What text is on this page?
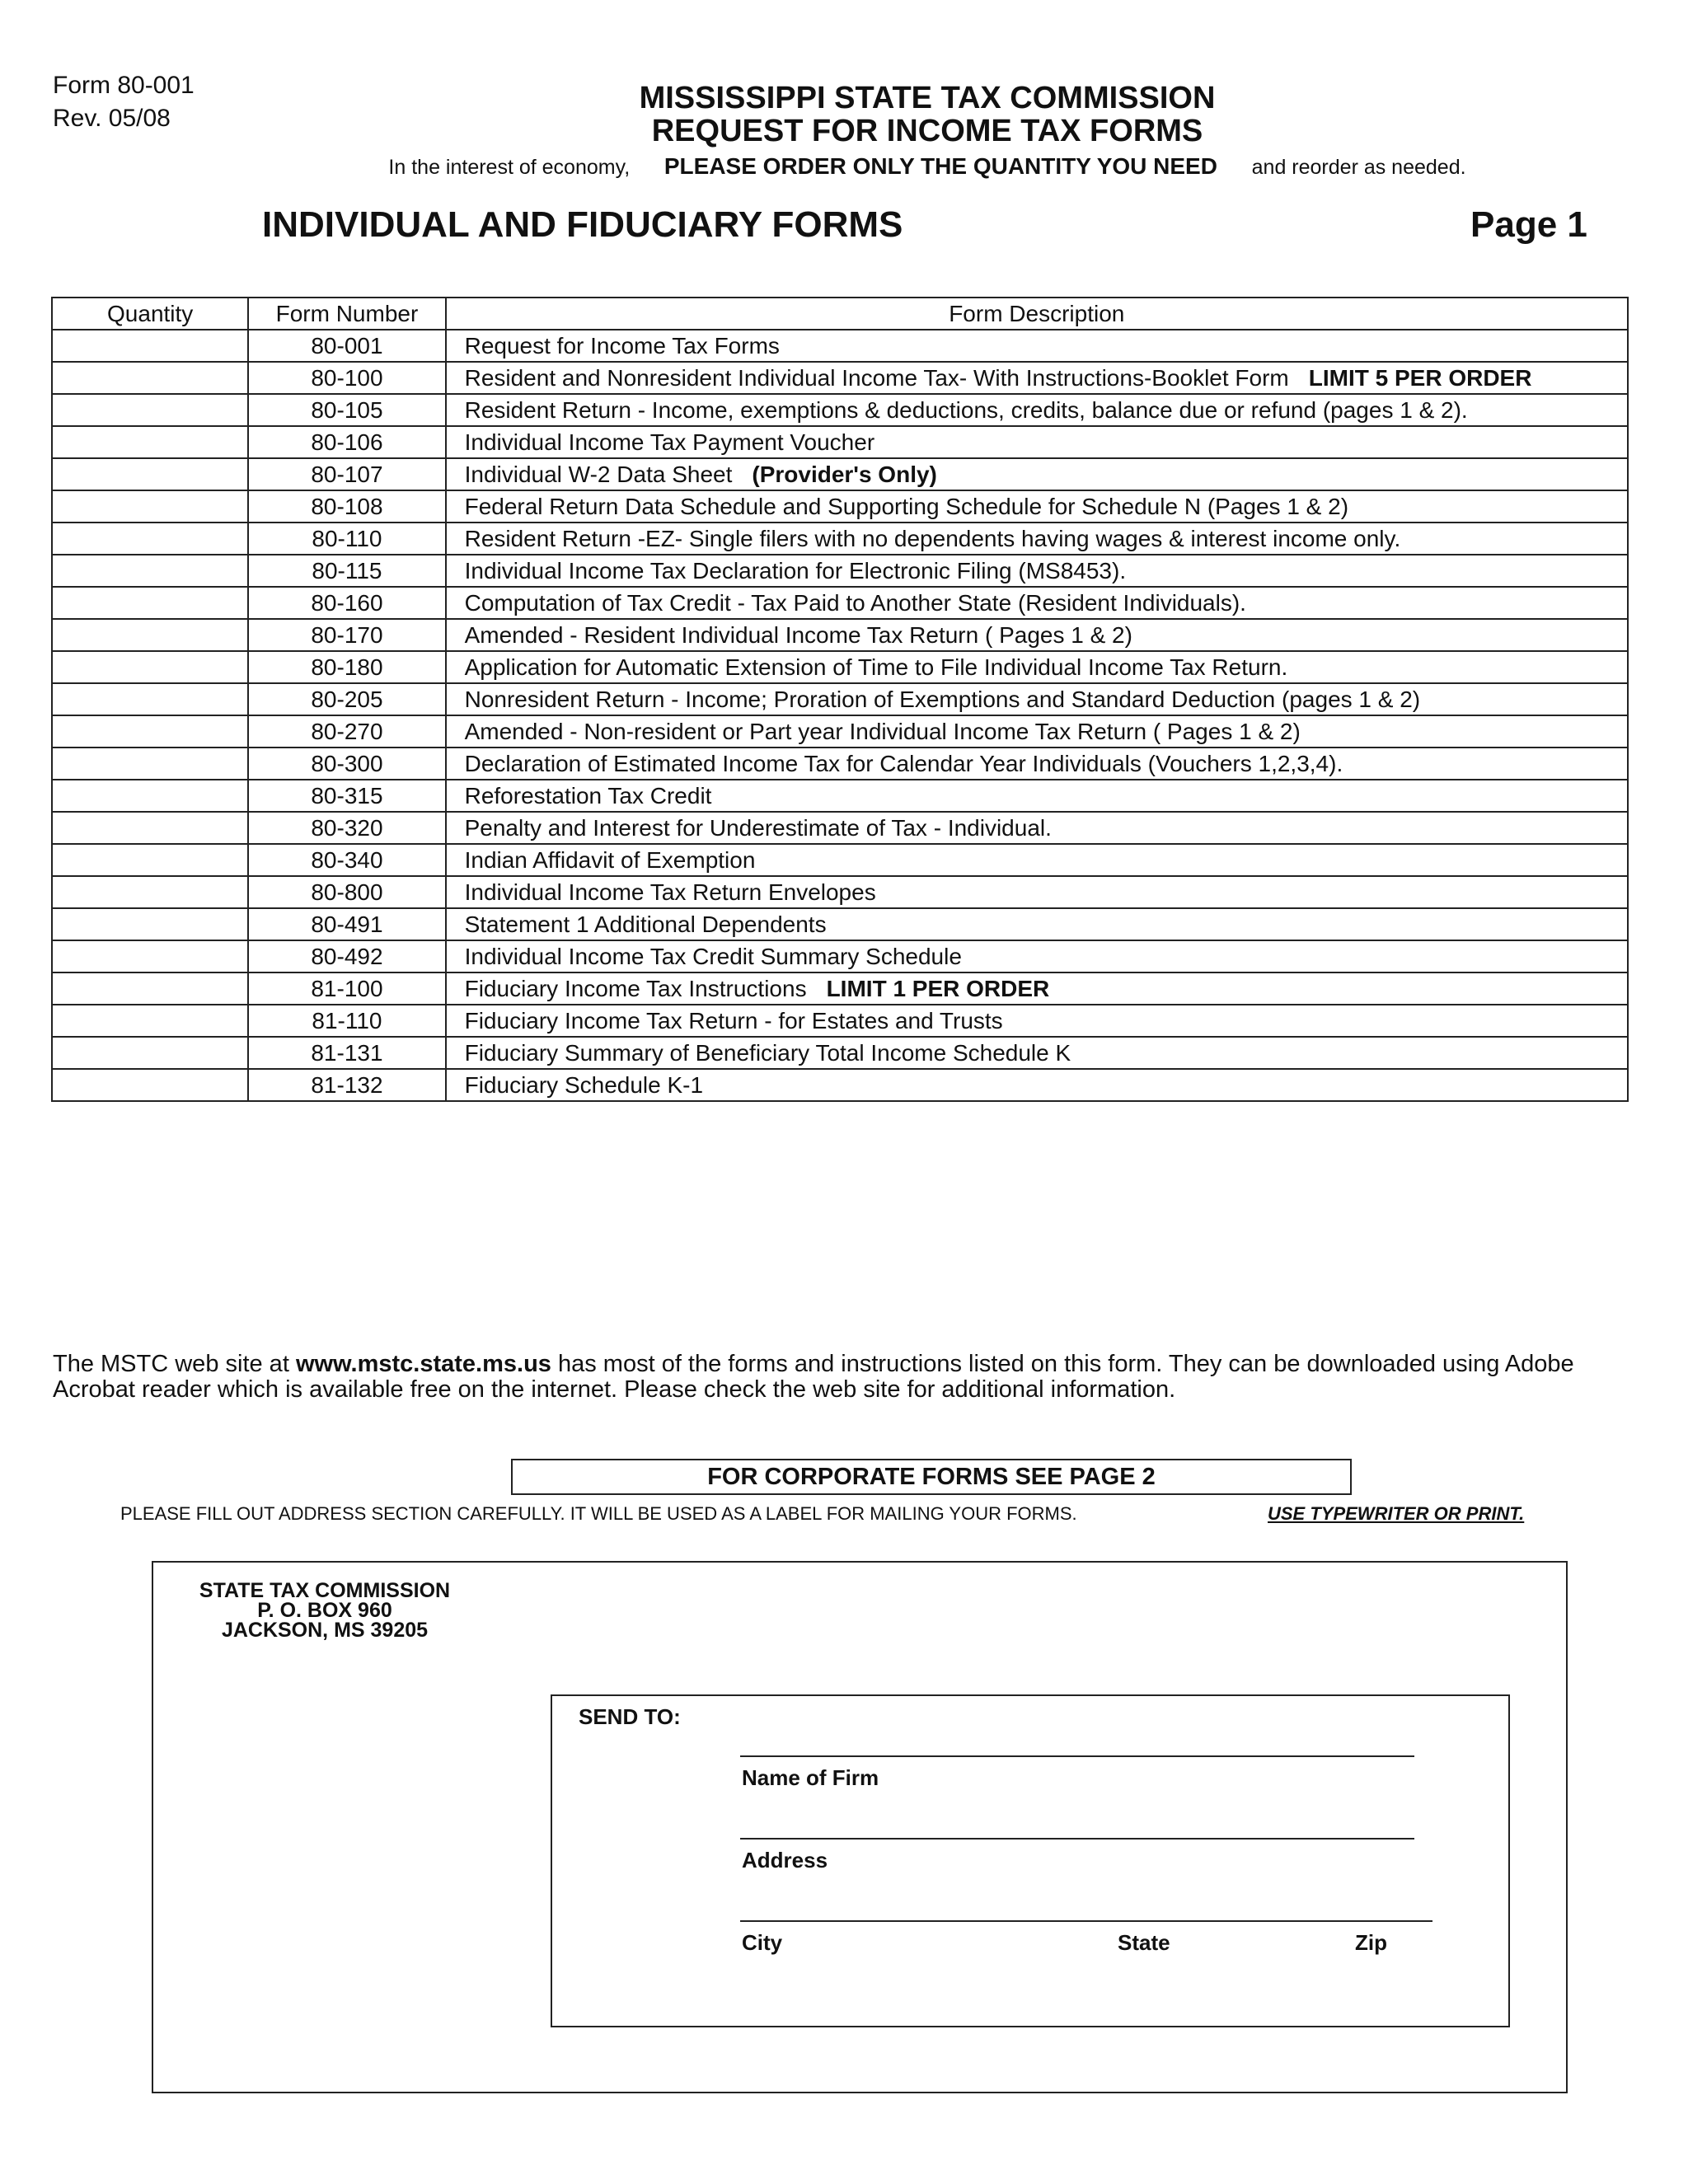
Form 80-001
Rev. 05/08
MISSISSIPPI STATE TAX COMMISSION
REQUEST FOR INCOME TAX FORMS
In the interest of economy, PLEASE ORDER ONLY THE QUANTITY YOU NEED and reorder as needed.
INDIVIDUAL AND FIDUCIARY FORMS	Page 1
Quantity	Form Number	Form Description
	80-001	Request for Income Tax Forms
	80-100	Resident and Nonresident Individual Income Tax- With Instructions-Booklet Form LIMIT 5 PER ORDER
	80-105	Resident Return - Income, exemptions & deductions, credits, balance due or refund (pages 1 & 2).
	80-106	Individual Income Tax Payment Voucher
	80-107	Individual W-2 Data Sheet (Provider's Only)
	80-108	Federal Return Data Schedule and Supporting Schedule for Schedule N (Pages 1 & 2)
	80-110	Resident Return -EZ- Single filers with no dependents having wages & interest income only.
	80-115	Individual Income Tax Declaration for Electronic Filing (MS8453).
	80-160	Computation of Tax Credit - Tax Paid to Another State (Resident Individuals).
	80-170	Amended - Resident Individual Income Tax Return ( Pages 1 & 2)
	80-180	Application for Automatic Extension of Time to File Individual Income Tax Return.
	80-205	Nonresident Return - Income; Proration of Exemptions and Standard Deduction (pages 1 & 2)
	80-270	Amended - Non-resident or Part year Individual Income Tax Return ( Pages 1 & 2)
	80-300	Declaration of Estimated Income Tax for Calendar Year Individuals (Vouchers 1,2,3,4).
	80-315	Reforestation Tax Credit
	80-320	Penalty and Interest for Underestimate of Tax - Individual.
	80-340	Indian Affidavit of Exemption
	80-800	Individual Income Tax Return Envelopes
	80-491	Statement 1 Additional Dependents
	80-492	Individual Income Tax Credit Summary Schedule
	81-100	Fiduciary Income Tax Instructions LIMIT 1 PER ORDER
	81-110	Fiduciary Income Tax Return - for Estates and Trusts
	81-131	Fiduciary Summary of Beneficiary Total Income Schedule K
	81-132	Fiduciary Schedule K-1
The MSTC web site at www.mstc.state.ms.us has most of the forms and instructions listed on this form. They can be downloaded using Adobe Acrobat reader which is available free on the internet. Please check the web site for additional information.
FOR CORPORATE FORMS SEE PAGE 2
PLEASE FILL OUT ADDRESS SECTION CAREFULLY. IT WILL BE USED AS A LABEL FOR MAILING YOUR FORMS.	USE TYPEWRITER OR PRINT.
STATE TAX COMMISSION
P. O. BOX 960
JACKSON, MS 39205
SEND TO:
Name of Firm
Address
City	State	Zip
